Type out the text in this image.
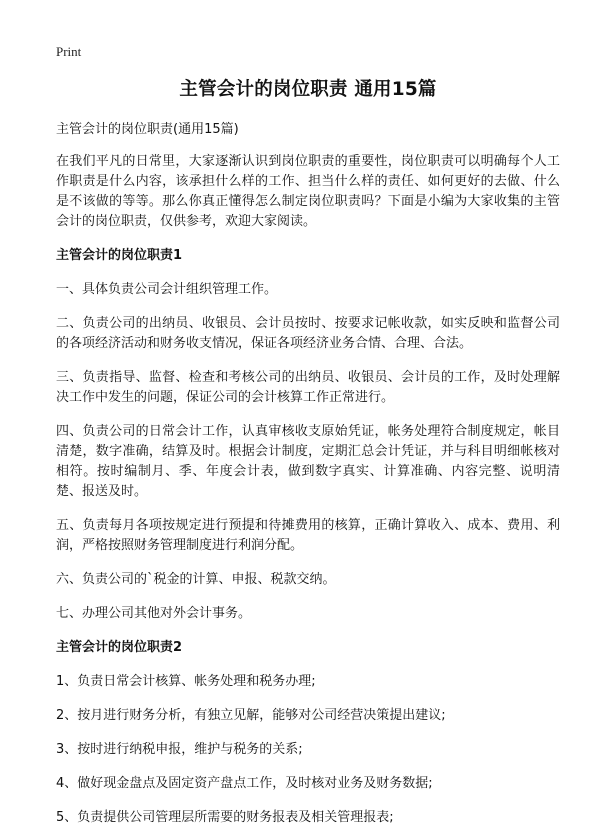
Print
主管会计的岗位职责 通用15篇
主管会计的岗位职责(通用15篇)

在我们平凡的日常里，大家逐渐认识到岗位职责的重要性，岗位职责可以明确每个人工作职责是什么内容，该承担什么样的工作、担当什么样的责任、如何更好的去做、什么是不该做的等等。那么你真正懂得怎么制定岗位职责吗？下面是小编为大家收集的主管会计的岗位职责，仅供参考，欢迎大家阅读。

主管会计的岗位职责1

一、具体负责公司会计组织管理工作。

二、负责公司的出纳员、收银员、会计员按时、按要求记帐收款，如实反映和监督公司的各项经济活动和财务收支情况，保证各项经济业务合情、合理、合法。

三、负责指导、监督、检查和考核公司的出纳员、收银员、会计员的工作，及时处理解决工作中发生的问题，保证公司的会计核算工作正常进行。

四、负责公司的日常会计工作，认真审核收支原始凭证，帐务处理符合制度规定，帐目清楚，数字准确，结算及时。根据会计制度，定期汇总会计凭证，并与科目明细帐核对相符。按时编制月、季、年度会计表，做到数字真实、计算准确、内容完整、说明清楚、报送及时。

五、负责每月各项按规定进行预提和待摊费用的核算，正确计算收入、成本、费用、利润，严格按照财务管理制度进行利润分配。

六、负责公司的`税金的计算、申报、税款交纳。

七、办理公司其他对外会计事务。

主管会计的岗位职责2

1、负责日常会计核算、帐务处理和税务办理;

2、按月进行财务分析，有独立见解，能够对公司经营决策提出建议;

3、按时进行纳税申报，维护与税务的关系;

4、做好现金盘点及固定资产盘点工作，及时核对业务及财务数据;

5、负责提供公司管理层所需要的财务报表及相关管理报表;
